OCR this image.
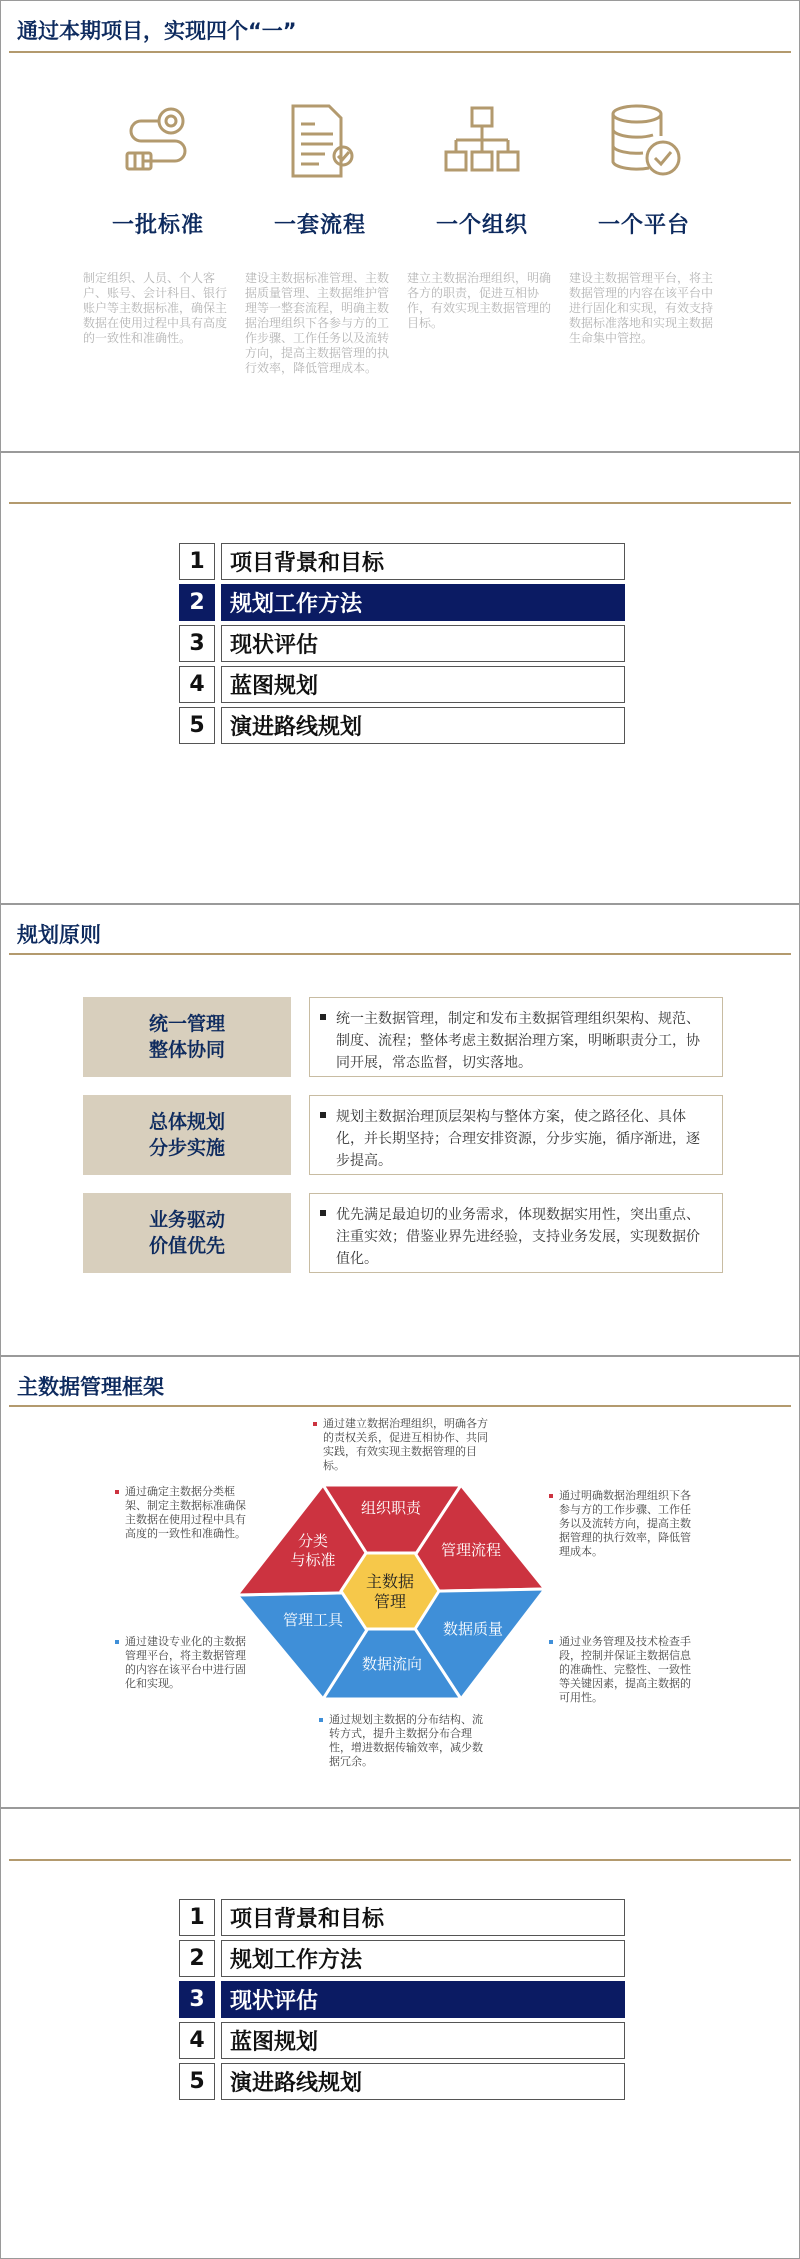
通过本期项目，实现四个“一”
一批标准
制定组织、人员、个人客户、账号、会计科目、银行账户等主数据标准，确保主数据在使用过程中具有高度的一致性和准确性。
一套流程
建设主数据标准管理、主数据质量管理、主数据维护管理等一整套流程，明确主数据治理组织下各参与方的工作步骤、工作任务以及流转方向，提高主数据管理的执行效率，降低管理成本。
一个组织
建立主数据治理组织，明确各方的职责，促进互相协作，有效实现主数据管理的目标。
一个平台
建设主数据管理平台，将主数据管理的内容在该平台中进行固化和实现，有效支持数据标准落地和实现主数据生命集中管控。
1	项目背景和目标
2	规划工作方法
3	现状评估
4	蓝图规划
5	演进路线规划
规划原则
统一管理
整体协同
统一主数据管理，制定和发布主数据管理组织架构、规范、制度、流程；整体考虑主数据治理方案，明晰职责分工，协同开展，常态监督，切实落地。
总体规划
分步实施
规划主数据治理顶层架构与整体方案，使之路径化、具体化，并长期坚持；合理安排资源，分步实施，循序渐进，逐步提高。
业务驱动
价值优先
优先满足最迫切的业务需求，体现数据实用性，突出重点、注重实效；借鉴业界先进经验，支持业务发展，实现数据价值化。
主数据管理框架
组织职责
管理流程
数据质量
数据流向
管理工具
分类
与标准
主数据
管理
通过建立数据治理组织，明确各方的责权关系，促进互相协作、共同实践，有效实现主数据管理的目标。
通过确定主数据分类框架、制定主数据标准确保主数据在使用过程中具有高度的一致性和准确性。
通过明确数据治理组织下各参与方的工作步骤、工作任务以及流转方向，提高主数据管理的执行效率，降低管理成本。
通过建设专业化的主数据管理平台，将主数据管理的内容在该平台中进行固化和实现。
通过业务管理及技术检查手段，控制并保证主数据信息的准确性、完整性、一致性等关键因素，提高主数据的可用性。
通过规划主数据的分布结构、流转方式，提升主数据分布合理性，增进数据传输效率，减少数据冗余。
1	项目背景和目标
2	规划工作方法
3	现状评估
4	蓝图规划
5	演进路线规划
